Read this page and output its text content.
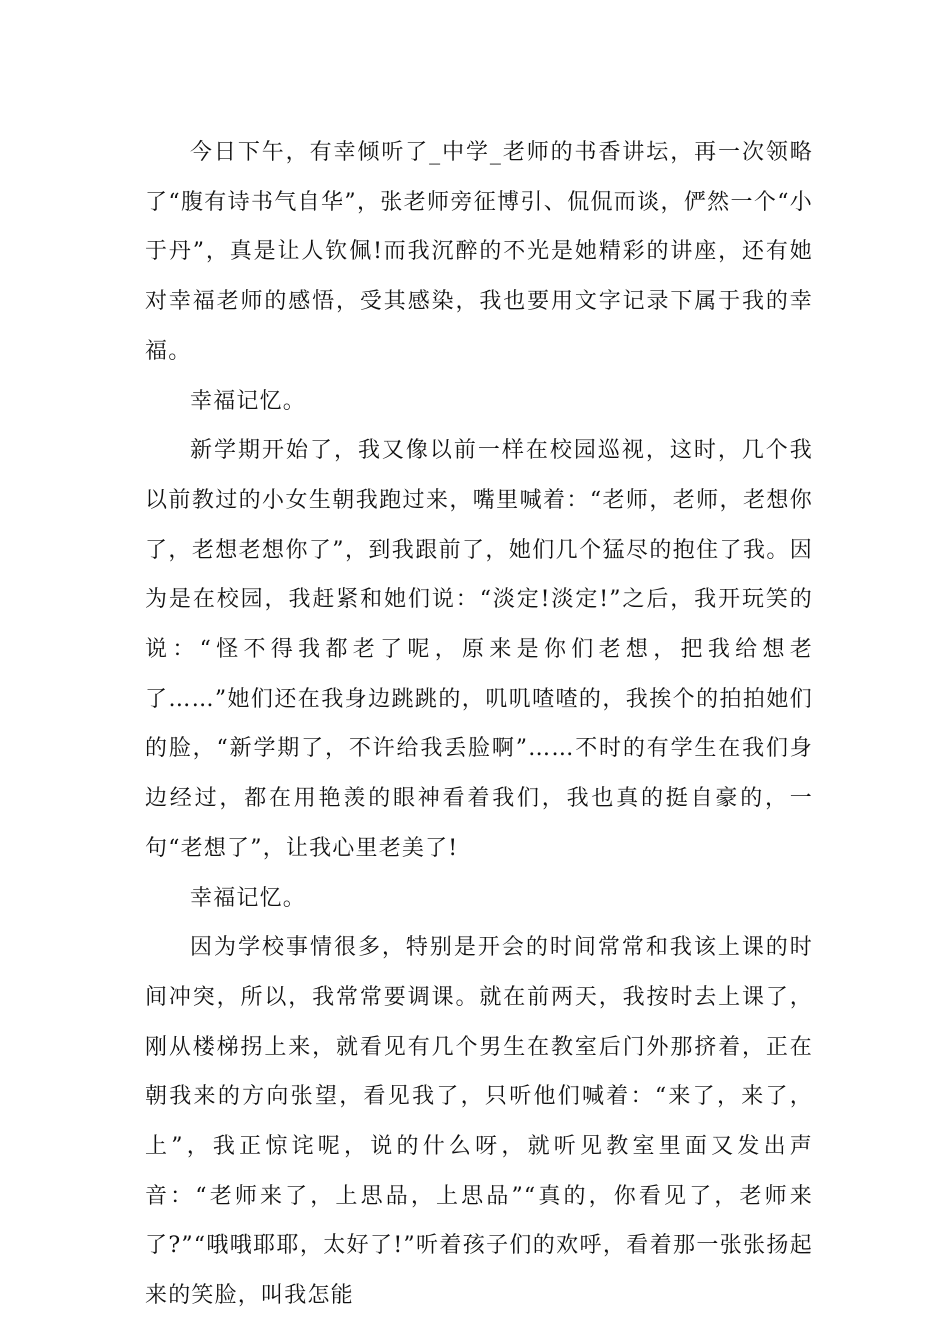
今日下午，有幸倾听了_中学_老师的书香讲坛，再一次领略了“腹有诗书气自华”，张老师旁征博引、侃侃而谈，俨然一个“小于丹”，真是让人钦佩!而我沉醉的不光是她精彩的讲座，还有她对幸福老师的感悟，受其感染，我也要用文字记录下属于我的幸福。

幸福记忆。

新学期开始了，我又像以前一样在校园巡视，这时，几个我以前教过的小女生朝我跑过来，嘴里喊着：“老师，老师，老想你了，老想老想你了”，到我跟前了，她们几个猛尽的抱住了我。因为是在校园，我赶紧和她们说：“淡定!淡定!”之后，我开玩笑的说：“怪不得我都老了呢，原来是你们老想，把我给想老了……”她们还在我身边跳跳的，叽叽喳喳的，我挨个的拍拍她们的脸，“新学期了，不许给我丢脸啊”……不时的有学生在我们身边经过，都在用艳羡的眼神看着我们，我也真的挺自豪的，一句“老想了”，让我心里老美了!

幸福记忆。

因为学校事情很多，特别是开会的时间常常和我该上课的时间冲突，所以，我常常要调课。就在前两天，我按时去上课了，刚从楼梯拐上来，就看见有几个男生在教室后门外那挤着，正在朝我来的方向张望，看见我了，只听他们喊着：“来了，来了，上”，我正惊诧呢，说的什么呀，就听见教室里面又发出声音：“老师来了，上思品，上思品”“真的，你看见了，老师来了?”“哦哦耶耶，太好了!”听着孩子们的欢呼，看着那一张张扬起来的笑脸，叫我怎能
